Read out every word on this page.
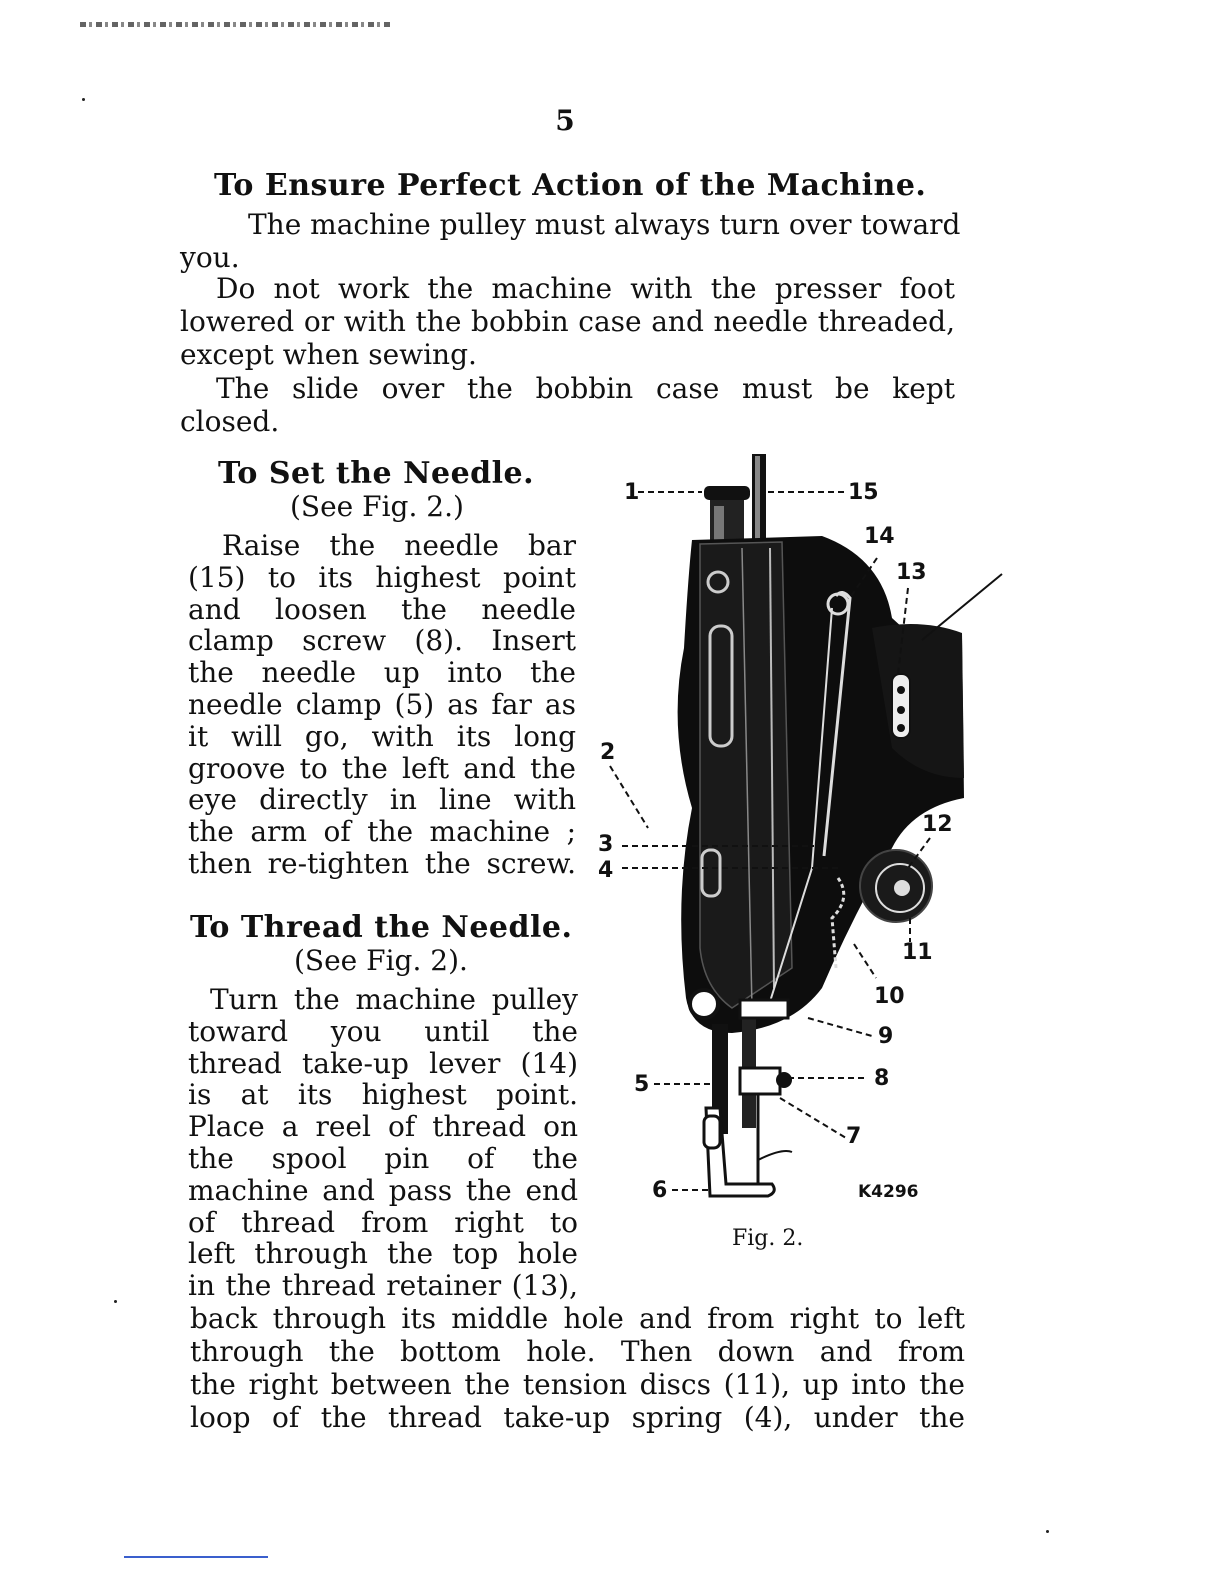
5
To Ensure Perfect Action of the Machine.
The machine pulley must always turn over toward
you.
Do not work the machine with the presser foot
lowered or with the bobbin case and needle threaded,
except when sewing.
The slide over the bobbin case must be kept
closed.
To Set the Needle.
(See Fig. 2.)
Raise the needle bar
(15) to its highest point
and loosen the needle
clamp screw (8). Insert
the needle up into the
needle clamp (5) as far as
it will go, with its long
groove to the left and the
eye directly in line with
the arm of the machine ;
then re-tighten the screw.
To Thread the Needle.
(See Fig. 2).
Turn the machine pulley
toward you until the
thread take-up lever (14)
is at its highest point.
Place a reel of thread on
the spool pin of the
machine and pass the end
of thread from right to
left through the top hole
in the thread retainer (13),
back through its middle hole and from right to left
through the bottom hole. Then down and from
the right between the tension discs (11), up into the
loop of the thread take-up spring (4), under the
1	15
14
13
2
12
3
4
11
10
9
8
5
7
6	K4296
Fig. 2.
